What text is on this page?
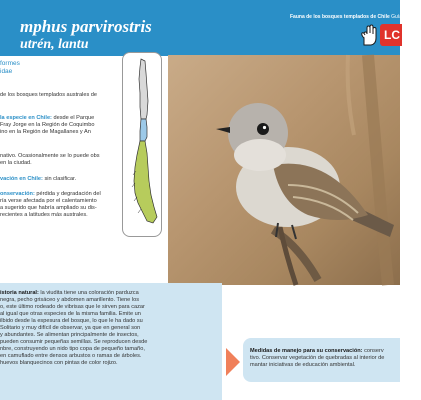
mphus parvirostris
utrén, lantu
Fauna de los bosques templados de Chile Guía de Cam
LC
formes
idae
de los bosques templados australes de
la especie en Chile: desde el Parque
Fray Jorge en la Región de Coquimbo
ino en la Región de Magallanes y An
nativo. Ocasionalmente se lo puede obs
en la ciudad.
vación en Chile: sin clasificar.
onservación: pérdida y degradación del
ría verse afectada por el calentamiento
a sugerido que habría ampliado su dis-
recientes a latitudes más australes.
istoria natural: la viudita tiene una coloración parduzca
negra, pecho grisáceo y abdomen amarillento. Tiene los
o, este último rodeado de vibrisas que le sirven para cazar
al igual que otras especies de la misma familia. Emite un
ilbido desde la espesura del bosque, lo que le ha dado su
Solitario y muy difícil de observar, ya que en general son
y abundantes. Se alimentan principalmente de insectos,
pueden consumir pequeñas semillas. Se reproducen desde
nbre, construyendo un nido tipo copa de pequeño tamaño,
en camuflado entre densos arbustos o ramas de árboles.
huevos blanquecinos con pintas de color rojizo.
Medidas de manejo para su conservación: conserv
tivo. Conservar vegetación de quebradas al interior de
mantar iniciativas de educación ambiental.
